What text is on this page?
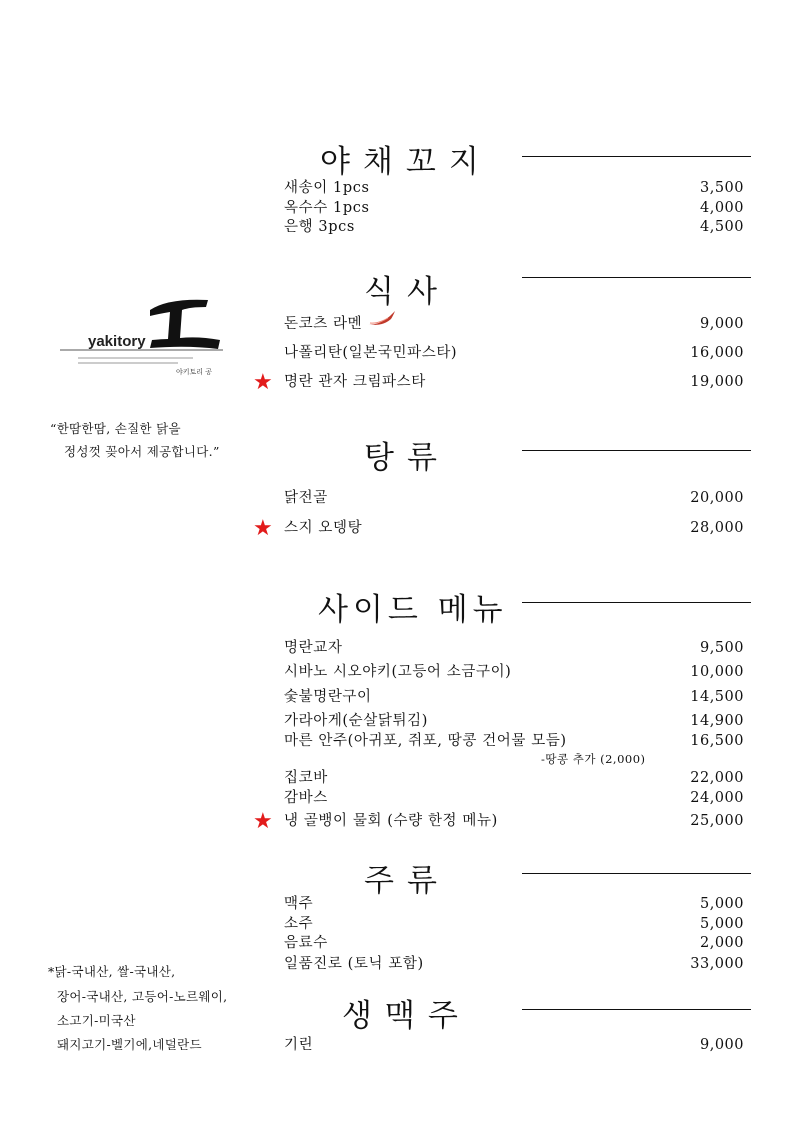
yakitory
야키토리 공
“한땀한땀, 손질한 닭을
정성껏 꽂아서 제공합니다.”
*닭-국내산, 쌀-국내산,
장어-국내산, 고등어-노르웨이,
소고기-미국산
돼지고기-벨기에,네덜란드
야채꼬지
새송이 1pcs	3,500
옥수수 1pcs	4,000
은행 3pcs	4,500
식사
돈코츠 라멘	9,000
나폴리탄(일본국민파스타)	16,000
★ 명란 관자 크림파스타	19,000
탕류
닭전골	20,000
★ 스지 오뎅탕	28,000
사이드 메뉴
명란교자	9,500
시바노 시오야키(고등어 소금구이)	10,000
숯불명란구이	14,500
가라아게(순살닭튀김)	14,900
마른 안주(아귀포, 쥐포, 땅콩 건어물 모듬)	16,500
-땅콩 추가 (2,000)
집코바	22,000
감바스	24,000
★ 냉 골뱅이 물회 (수량 한정 메뉴)	25,000
주류
맥주	5,000
소주	5,000
음료수	2,000
일품진로 (토닉 포함)	33,000
생맥주
기린	9,000
